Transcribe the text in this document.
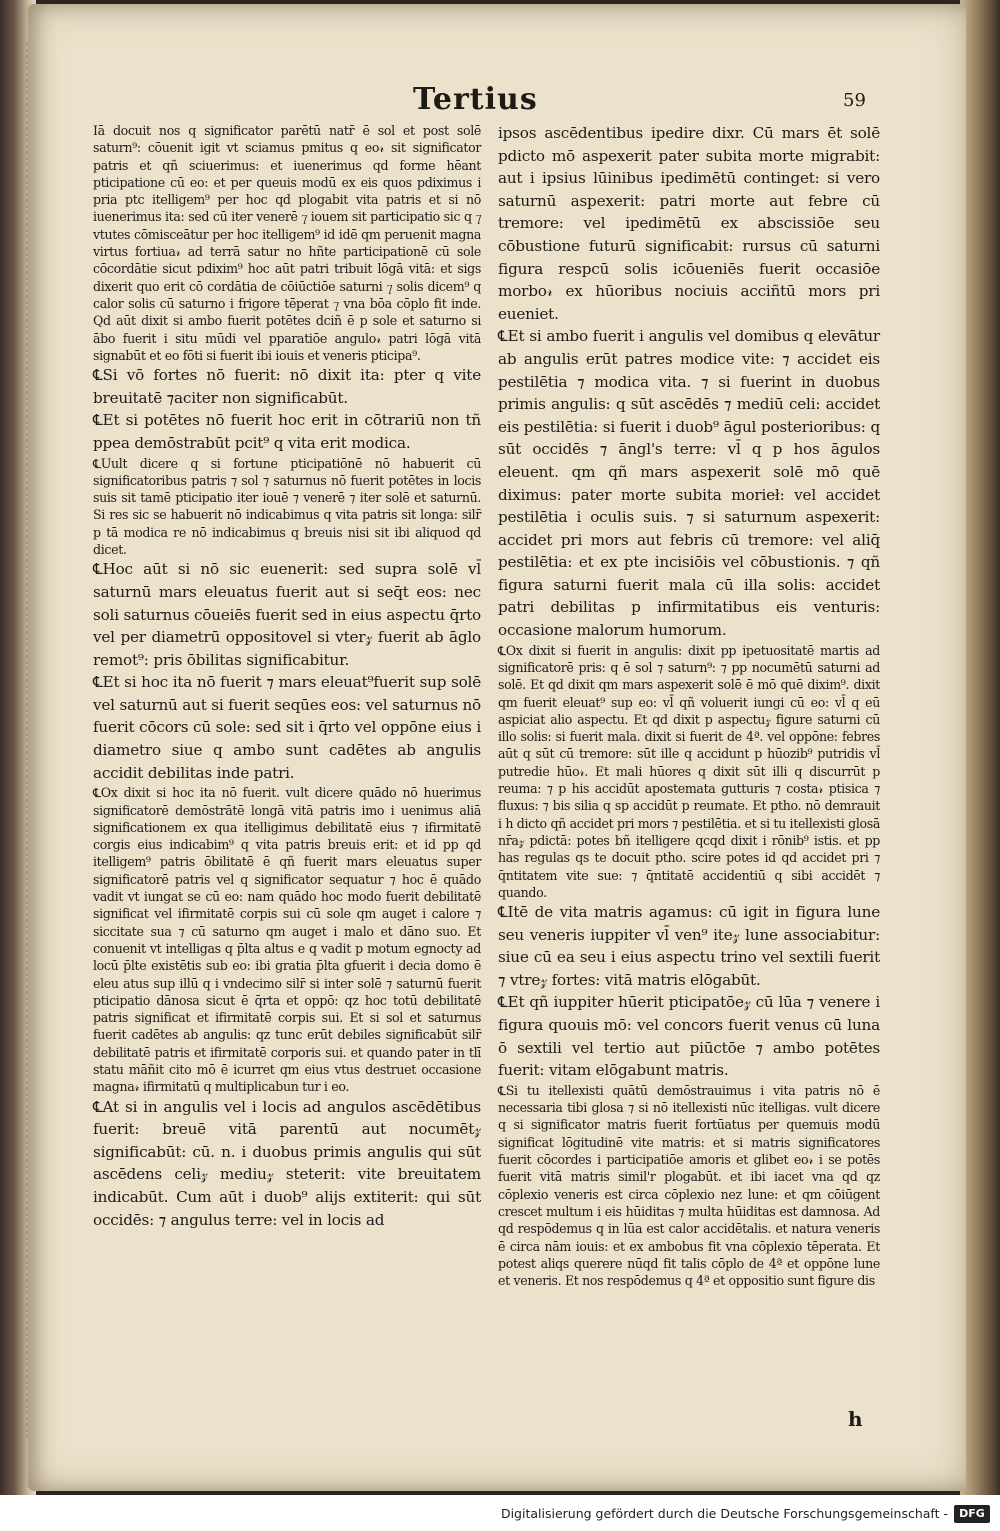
Tertius	59

Iā docuit nos q significator parētū natr̄ ē sol et post solē saturn⁹: cōuenit igit vt sciamus pmitus q eo𝓇 sit significator patris et qñ sciuerimus: et iuenerimus qd forme hēant pticipatione cū eo: et per queuis modū ex eis quos pdiximus i pria ptc itelligem⁹ per hoc qd plogabit vita patris et si nō iuenerimus ita: sed cū iter venerē ⁊ iouem sit participatio sic q ⁊ vtutes cōmisceātur per hoc itelligem⁹ id idē qm peruenit magna virtus fortiua𝓇 ad terrā satur no hñte participationē cū sole cōcordātie sicut pdixim⁹ hoc aūt patri tribuit lōgā vitā: et sigs dixerit quo erit cō cordātia de cōiūctiōe saturni ⁊ solis dicem⁹ q calor solis cū saturno i frigore tēperat ⁊ vna bōa cōplo fit inde. Qd aūt dixit si ambo fuerit potētes dciñ ē p sole et saturno si ābo fuerit i situ mūdi vel pparatiōe angulo𝓇 patri lōgā vitā signabūt et eo fōti si fuerit ibi iouis et veneris pticipa⁹.

℄Si vō fortes nō fuerit: nō dixit ita: pter q vite breuitatē ⁊aciter non significabūt.

℄Et si potētes nō fuerit hoc erit in cōtrariū non tñ ppea demōstrabūt pcit⁹ q vita erit modica.

℄Uult dicere q si fortune pticipatiōnē nō habuerit cū significatoribus patris ⁊ sol ⁊ saturnus nō fuerit potētes in locis suis sit tamē pticipatio iter iouē ⁊ venerē ⁊ iter solē et saturnū. Si res sic se habuerit nō indicabimus q vita patris sit longa: silr̄ p tā modica re nō indicabimus q breuis nisi sit ibi aliquod qd dicet.

℄Hoc aūt si nō sic euenerit: sed supra solē vl̄ saturnū mars eleuatus fuerit aut si seq̄t eos: nec soli saturnus cōueiēs fuerit sed in eius aspectu q̄rto vel per diametrū oppositovel si vter𝓏 fuerit ab āglo remot⁹: pris ōbilitas significabitur.

℄Et si hoc ita nō fuerit ⁊ mars eleuat⁹fuerit sup solē vel saturnū aut si fuerit seqūes eos: vel saturnus nō fuerit cōcors cū sole: sed sit i q̄rto vel oppōne eius i diametro siue q ambo sunt cadētes ab angulis accidit debilitas inde patri.

℄Ox dixit si hoc ita nō fuerit. vult dicere quādo nō huerimus significatorē demōstrātē longā vitā patris imo i uenimus aliā significationem ex qua itelligimus debilitatē eius ⁊ ifirmitatē corgis eius indicabim⁹ q vita patris breuis erit: et id pp qd itelligem⁹ patris ōbilitatē ē qñ fuerit mars eleuatus super significatorē patris vel q significator sequatur ⁊ hoc ē quādo vadit vt iungat se cū eo: nam quādo hoc modo fuerit debilitatē significat vel ifirmitatē corpis sui cū sole qm auget i calore ⁊ siccitate sua ⁊ cū saturno qm auget i malo et dāno suo. Et conuenit vt intelligas q p̄lta altus e q vadit p motum egnocty ad locū p̄lte existētis sub eo: ibi gratia p̄lta gfuerit i decia domo ē eleu atus sup illū q i vndecimo silr̄ si inter solē ⁊ saturnū fuerit pticipatio dānosa sicut ē q̄rta et oppō: qz hoc totū debilitatē patris significat et ifirmitatē corpis sui. Et si sol et saturnus fuerit cadētes ab angulis: qz tunc erūt debiles significabūt silr̄ debilitatē patris et ifirmitatē corporis sui. et quando pater in tlī statu māñit cito mō ē icurret qm eius vtus destruet occasione magna𝓇 ifirmitatū q multiplicabun tur i eo.

℄At si in angulis vel i locis ad angulos ascēdētibus fuerit: breuē vitā parentū aut nocumēt𝓏 significabūt: cū. n. i duobus primis angulis qui sūt ascēdens celi𝓏 mediu𝓏 steterit: vite breuitatem indicabūt. Cum aūt i duob⁹ alijs extiterit: qui sūt occidēs: ⁊ angulus terre: vel in locis ad

ipsos ascēdentibus ipedire dixr. Cū mars ēt solē pdicto mō aspexerit pater subita morte migrabit: aut i ipsius lūinibus ipedimētū continget: si vero saturnū aspexerit: patri morte aut febre cū tremore: vel ipedimētū ex abscissiōe seu cōbustione futurū significabit: rursus cū saturni figura respcū solis icōueniēs fuerit occasiōe morbo𝓇 ex hūoribus nociuis acciñtū mors pri eueniet.

℄Et si ambo fuerit i angulis vel domibus q elevātur ab angulis erūt patres modice vite: ⁊ accidet eis pestilētia ⁊ modica vita. ⁊ si fuerint in duobus primis angulis: q sūt ascēdēs ⁊ mediū celi: accidet eis pestilētia: si fuerit i duob⁹ āgul posterioribus: q sūt occidēs ⁊ āngl's terre: vl̄ q p hos āgulos eleuent. qm qñ mars aspexerit solē mō quē diximus: pater morte subita morieł: vel accidet pestilētia i oculis suis. ⁊ si saturnum aspexerit: accidet pri mors aut febris cū tremore: vel aliq̄ pestilētia: et ex pte incisiōis vel cōbustionis. ⁊ qñ figura saturni fuerit mala cū illa solis: accidet patri debilitas p infirmitatibus eis venturis: occasione malorum humorum.

℄Ox dixit si fuerit in angulis: dixit pp ipetuositatē martis ad significatorē pris: q ē sol ⁊ saturn⁹: ⁊ pp nocumētū saturni ad solē. Et qd dixit qm mars aspexerit solē ē mō quē dixim⁹. dixit qm fuerit eleuat⁹ sup eo: vl̄ qñ voluerit iungi cū eo: vl̄ q eū aspiciat alio aspectu. Et qd dixit p aspectu𝓏 figure saturni cū illo solis: si fuerit mala. dixit si fuerit de 4ª. vel oppōne: febres aūt q sūt cū tremore: sūt ille q accidunt p hūozib⁹ putridis vl̄ putredie hūo𝓇. Et mali hūores q dixit sūt illi q discurrūt p reuma: ⁊ p his accidūt apostemata gutturis ⁊ costa𝓇 ptisica ⁊ fluxus: ⁊ bis silia q sp accidūt p reumate. Et ptho. nō demrauit i h dicto qñ accidet pri mors ⁊ pestilētia. et si tu itellexisti glosā nr̄a𝓏 pdictā: potes bñ itelligere qcqd dixit i rōnib⁹ istis. et pp has regulas qs te docuit ptho. scire potes id qd accidet pri ⁊ q̄ntitatem vite sue: ⁊ q̄ntitatē accidentiū q sibi accidēt ⁊ quando.

℄Itē de vita matris agamus: cū igit in figura lune seu veneris iuppiter vl̄ ven⁹ ite𝓏 lune associabitur: siue cū ea seu i eius aspectu trino vel sextili fuerit ⁊ vtre𝓏 fortes: vitā matris elōgabūt.

℄Et qñ iuppiter hūerit pticipatōe𝓏 cū lūa ⁊ venere i figura quouis mō: vel concors fuerit venus cū luna ō sextili vel tertio aut piūctōe ⁊ ambo potētes fuerit: vitam elōgabunt matris.

℄Si tu itellexisti quātū demōstrauimus i vita patris nō ē necessaria tibi glosa ⁊ si nō itellexisti nūc itelligas. vult dicere q si significator matris fuerit fortūatus per quemuis modū significat lōgitudinē vite matris: et si matris significatores fuerit cōcordes i participatiōe amoris et glibet eo𝓇 i se potēs fuerit vitā matris simil'r plogabūt. et ibi iacet vna qd qz cōplexio veneris est circa cōplexio nez lune: et qm cōiūgent crescet multum i eis hūiditas ⁊ multa hūiditas est damnosa. Ad qd respōdemus q in lūa est calor accidētalis. et natura veneris ē circa nām iouis: et ex ambobus fit vna cōplexio tēperata. Et potest aliqs querere nūqd fit talis cōplo de 4ª et oppōne lune et veneris. Et nos respōdemus q 4ª et oppositio sunt figure dis

h
Digitalisierung gefördert durch die Deutsche Forschungsgemeinschaft -	DFG
